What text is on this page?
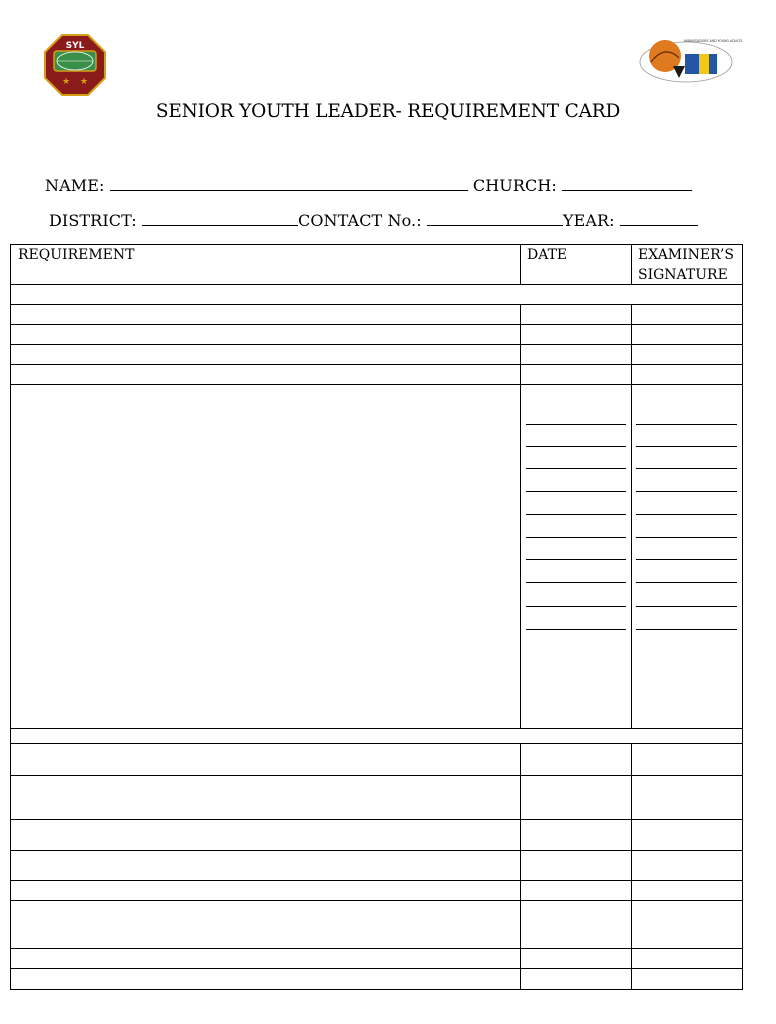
SYL
★ ★
AMBASSADORS AND YOUNG ADULTS
SENIOR YOUTH LEADER- REQUIREMENT CARD
NAME:	CHURCH:
DISTRICT:	CONTACT No.:	YEAR:
REQUIREMENT	DATE	EXAMINER’S
SIGNATURE
